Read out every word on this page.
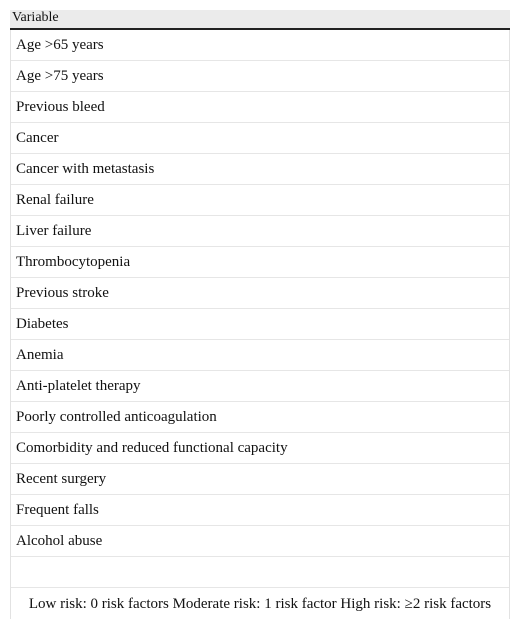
Variable
Age >65 years
Age >75 years
Previous bleed
Cancer
Cancer with metastasis
Renal failure
Liver failure
Thrombocytopenia
Previous stroke
Diabetes
Anemia
Anti-platelet therapy
Poorly controlled anticoagulation
Comorbidity and reduced functional capacity
Recent surgery
Frequent falls
Alcohol abuse
Low risk: 0 risk factors Moderate risk: 1 risk factor High risk: ≥2 risk factors
